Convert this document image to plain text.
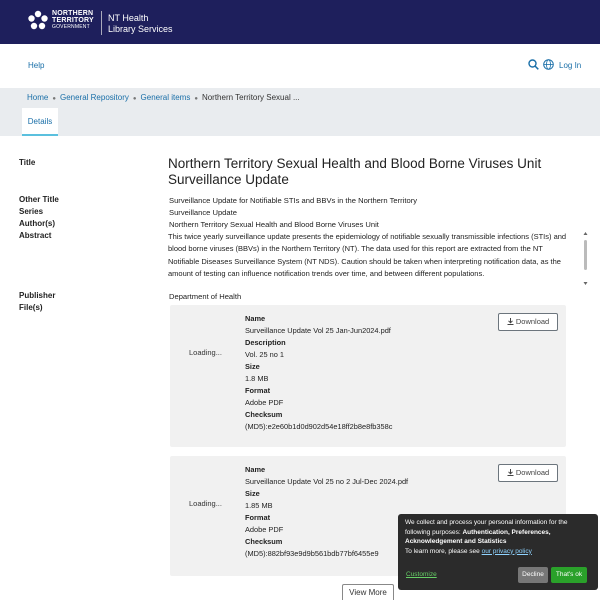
NORTHERN
TERRITORY
GOVERNMENT
NT Health
Library Services
Help	Log In
Home ● General Repository ● General items ● Northern Territory Sexual ...
Details
Title	Northern Territory Sexual Health and Blood Borne Viruses Unit Surveillance Update
Other Title	Surveillance Update for Notifiable STIs and BBVs in the Northern Territory
Series	Surveillance Update
Author(s)	Northern Territory Sexual Health and Blood Borne Viruses Unit
Abstract	This twice yearly surveillance update presents the epidemiology of notifiable sexually transmissible infections (STIs) and blood borne viruses (BBVs) in the Northern Territory (NT). The data used for this report are extracted from the NT Notifiable Diseases Surveillance System (NT NDS). Caution should be taken when interpreting notification data, as the amount of testing can influence notification trends over time, and between different populations.
Publisher	Department of Health
File(s)
Loading...
Name
Surveillance Update Vol 25 Jan-Jun2024.pdf
Description
Vol. 25 no 1
Size
1.8 MB
Format
Adobe PDF
Checksum
(MD5):e2e60b1d0d902d54e18ff2b8e8fb358c
Download
Loading...
Name
Surveillance Update Vol 25 no 2 Jul-Dec 2024.pdf
Size
1.85 MB
Format
Adobe PDF
Checksum
(MD5):882bf93e9d9b561bdb77bf6455e9
Download
View More
We collect and process your personal information for the following purposes: Authentication, Preferences, Acknowledgement and Statistics
To learn more, please see our privacy policy
Customize	Decline	That's ok
